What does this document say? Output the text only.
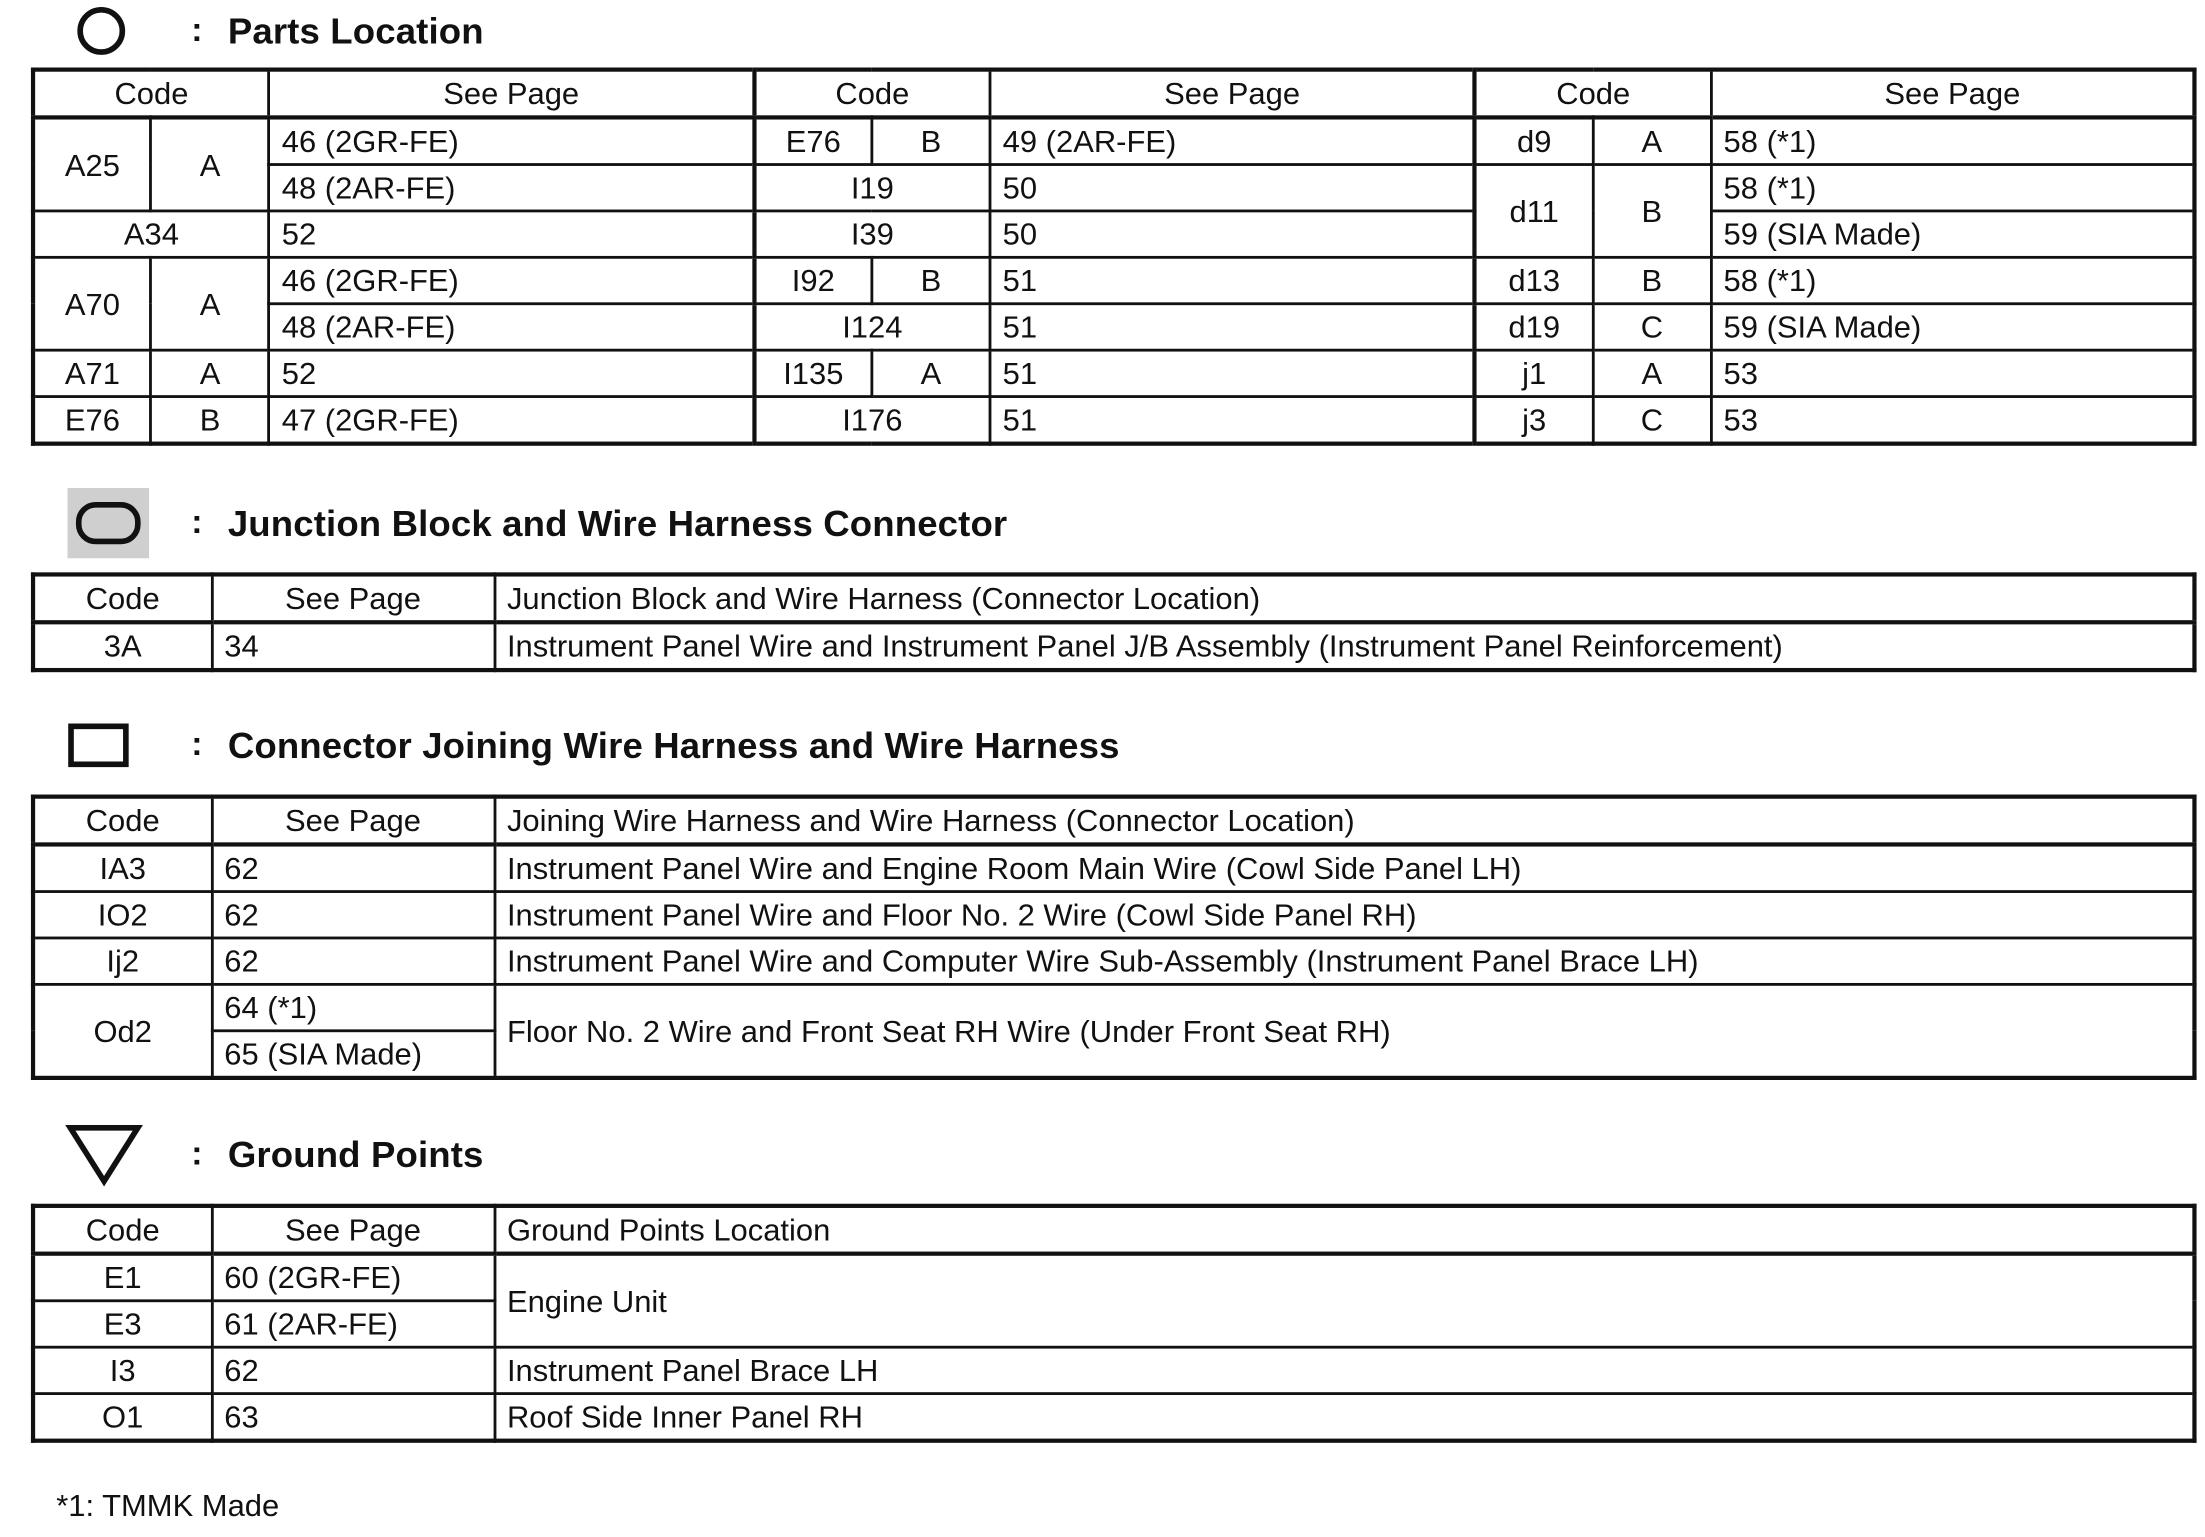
: Parts Location
Code		See Page	Code		See Page	Code		See Page
A25	A	46 (2GR-FE)	E76	B	49 (2AR-FE)	d9	A	58 (*1)
		48 (2AR-FE)	I19		50	d11	B	58 (*1)
A34		52	I39		50			59 (SIA Made)
A70	A	46 (2GR-FE)	I92	B	51	d13	B	58 (*1)
		48 (2AR-FE)	I124		51	d19	C	59 (SIA Made)
A71	A	52	I135	A	51	j1	A	53
E76	B	47 (2GR-FE)	I176		51	j3	C	53
: Junction Block and Wire Harness Connector
Code	See Page	Junction Block and Wire Harness (Connector Location)
3A	34	Instrument Panel Wire and Instrument Panel J/B Assembly (Instrument Panel Reinforcement)
: Connector Joining Wire Harness and Wire Harness
Code	See Page	Joining Wire Harness and Wire Harness (Connector Location)
IA3	62	Instrument Panel Wire and Engine Room Main Wire (Cowl Side Panel LH)
IO2	62	Instrument Panel Wire and Floor No. 2 Wire (Cowl Side Panel RH)
Ij2	62	Instrument Panel Wire and Computer Wire Sub-Assembly (Instrument Panel Brace LH)
Od2	64 (*1)	Floor No. 2 Wire and Front Seat RH Wire (Under Front Seat RH)
	65 (SIA Made)	
: Ground Points
Code	See Page	Ground Points Location
E1	60 (2GR-FE)	Engine Unit
E3	61 (2AR-FE)	
I3	62	Instrument Panel Brace LH
O1	63	Roof Side Inner Panel RH
*1: TMMK Made
